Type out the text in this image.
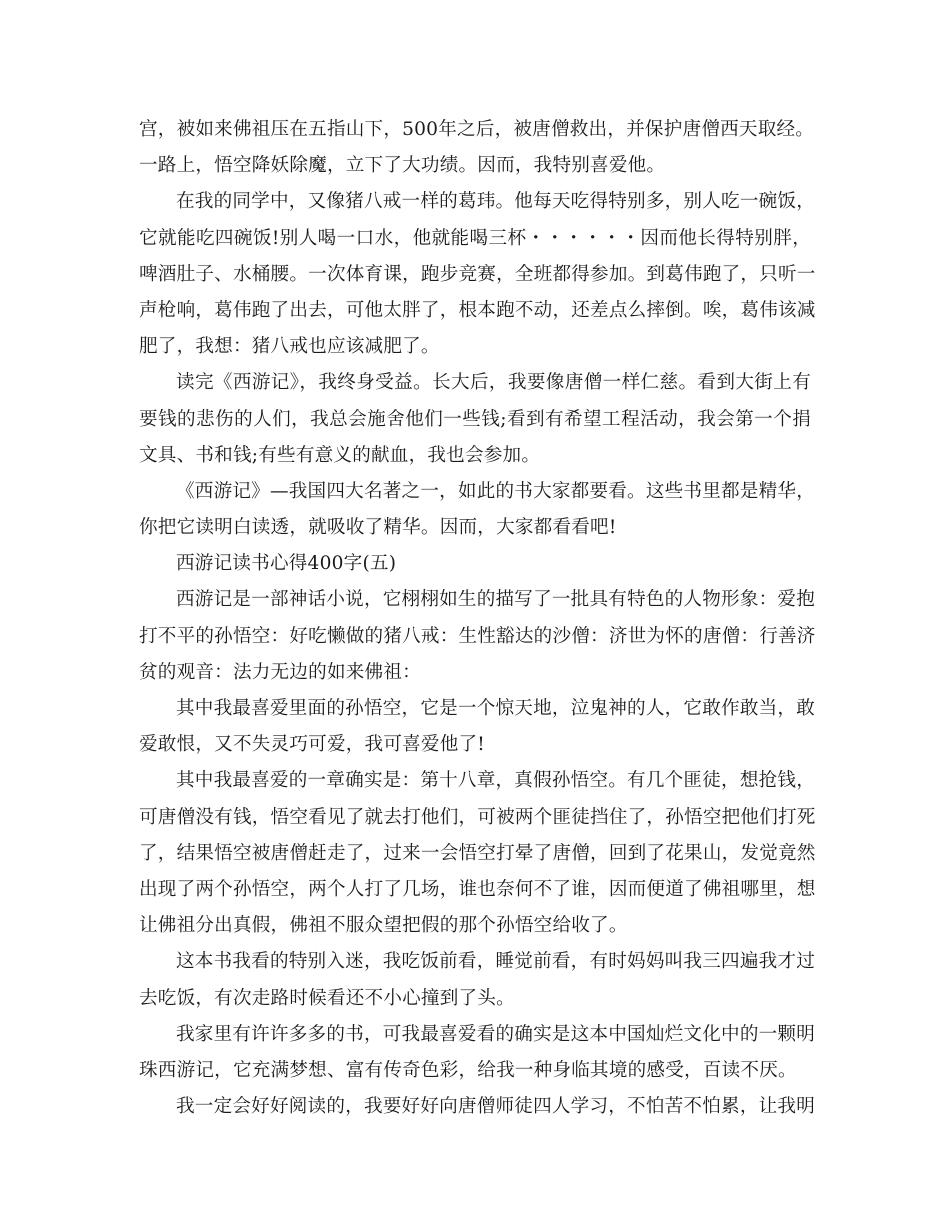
宫，被如来佛祖压在五指山下，500年之后，被唐僧救出，并保护唐僧西天取经。
一路上，悟空降妖除魔，立下了大功绩。因而，我特别喜爱他。
在我的同学中，又像猪八戒一样的葛玮。他每天吃得特别多，别人吃一碗饭，
它就能吃四碗饭!别人喝一口水，他就能喝三杯・・・・・・因而他长得特别胖，
啤酒肚子、水桶腰。一次体育课，跑步竞赛，全班都得参加。到葛伟跑了，只听一
声枪响，葛伟跑了出去，可他太胖了，根本跑不动，还差点么摔倒。唉，葛伟该减
肥了，我想：猪八戒也应该减肥了。
读完《西游记》，我终身受益。长大后，我要像唐僧一样仁慈。看到大街上有
要钱的悲伤的人们，我总会施舍他们一些钱;看到有希望工程活动，我会第一个捐
文具、书和钱;有些有意义的献血，我也会参加。
《西游记》—我国四大名著之一，如此的书大家都要看。这些书里都是精华，
你把它读明白读透，就吸收了精华。因而，大家都看看吧!
西游记读书心得400字(五)
西游记是一部神话小说，它栩栩如生的描写了一批具有特色的人物形象：爱抱
打不平的孙悟空：好吃懒做的猪八戒：生性豁达的沙僧：济世为怀的唐僧：行善济
贫的观音：法力无边的如来佛祖：
其中我最喜爱里面的孙悟空，它是一个惊天地，泣鬼神的人，它敢作敢当，敢
爱敢恨，又不失灵巧可爱，我可喜爱他了!
其中我最喜爱的一章确实是：第十八章，真假孙悟空。有几个匪徒，想抢钱，
可唐僧没有钱，悟空看见了就去打他们，可被两个匪徒挡住了，孙悟空把他们打死
了，结果悟空被唐僧赶走了，过来一会悟空打晕了唐僧，回到了花果山，发觉竟然
出现了两个孙悟空，两个人打了几场，谁也奈何不了谁，因而便道了佛祖哪里，想
让佛祖分出真假，佛祖不服众望把假的那个孙悟空给收了。
这本书我看的特别入迷，我吃饭前看，睡觉前看，有时妈妈叫我三四遍我才过
去吃饭，有次走路时候看还不小心撞到了头。
我家里有许许多多的书，可我最喜爱看的确实是这本中国灿烂文化中的一颗明
珠西游记，它充满梦想、富有传奇色彩，给我一种身临其境的感受，百读不厌。
我一定会好好阅读的，我要好好向唐僧师徒四人学习，不怕苦不怕累，让我明
